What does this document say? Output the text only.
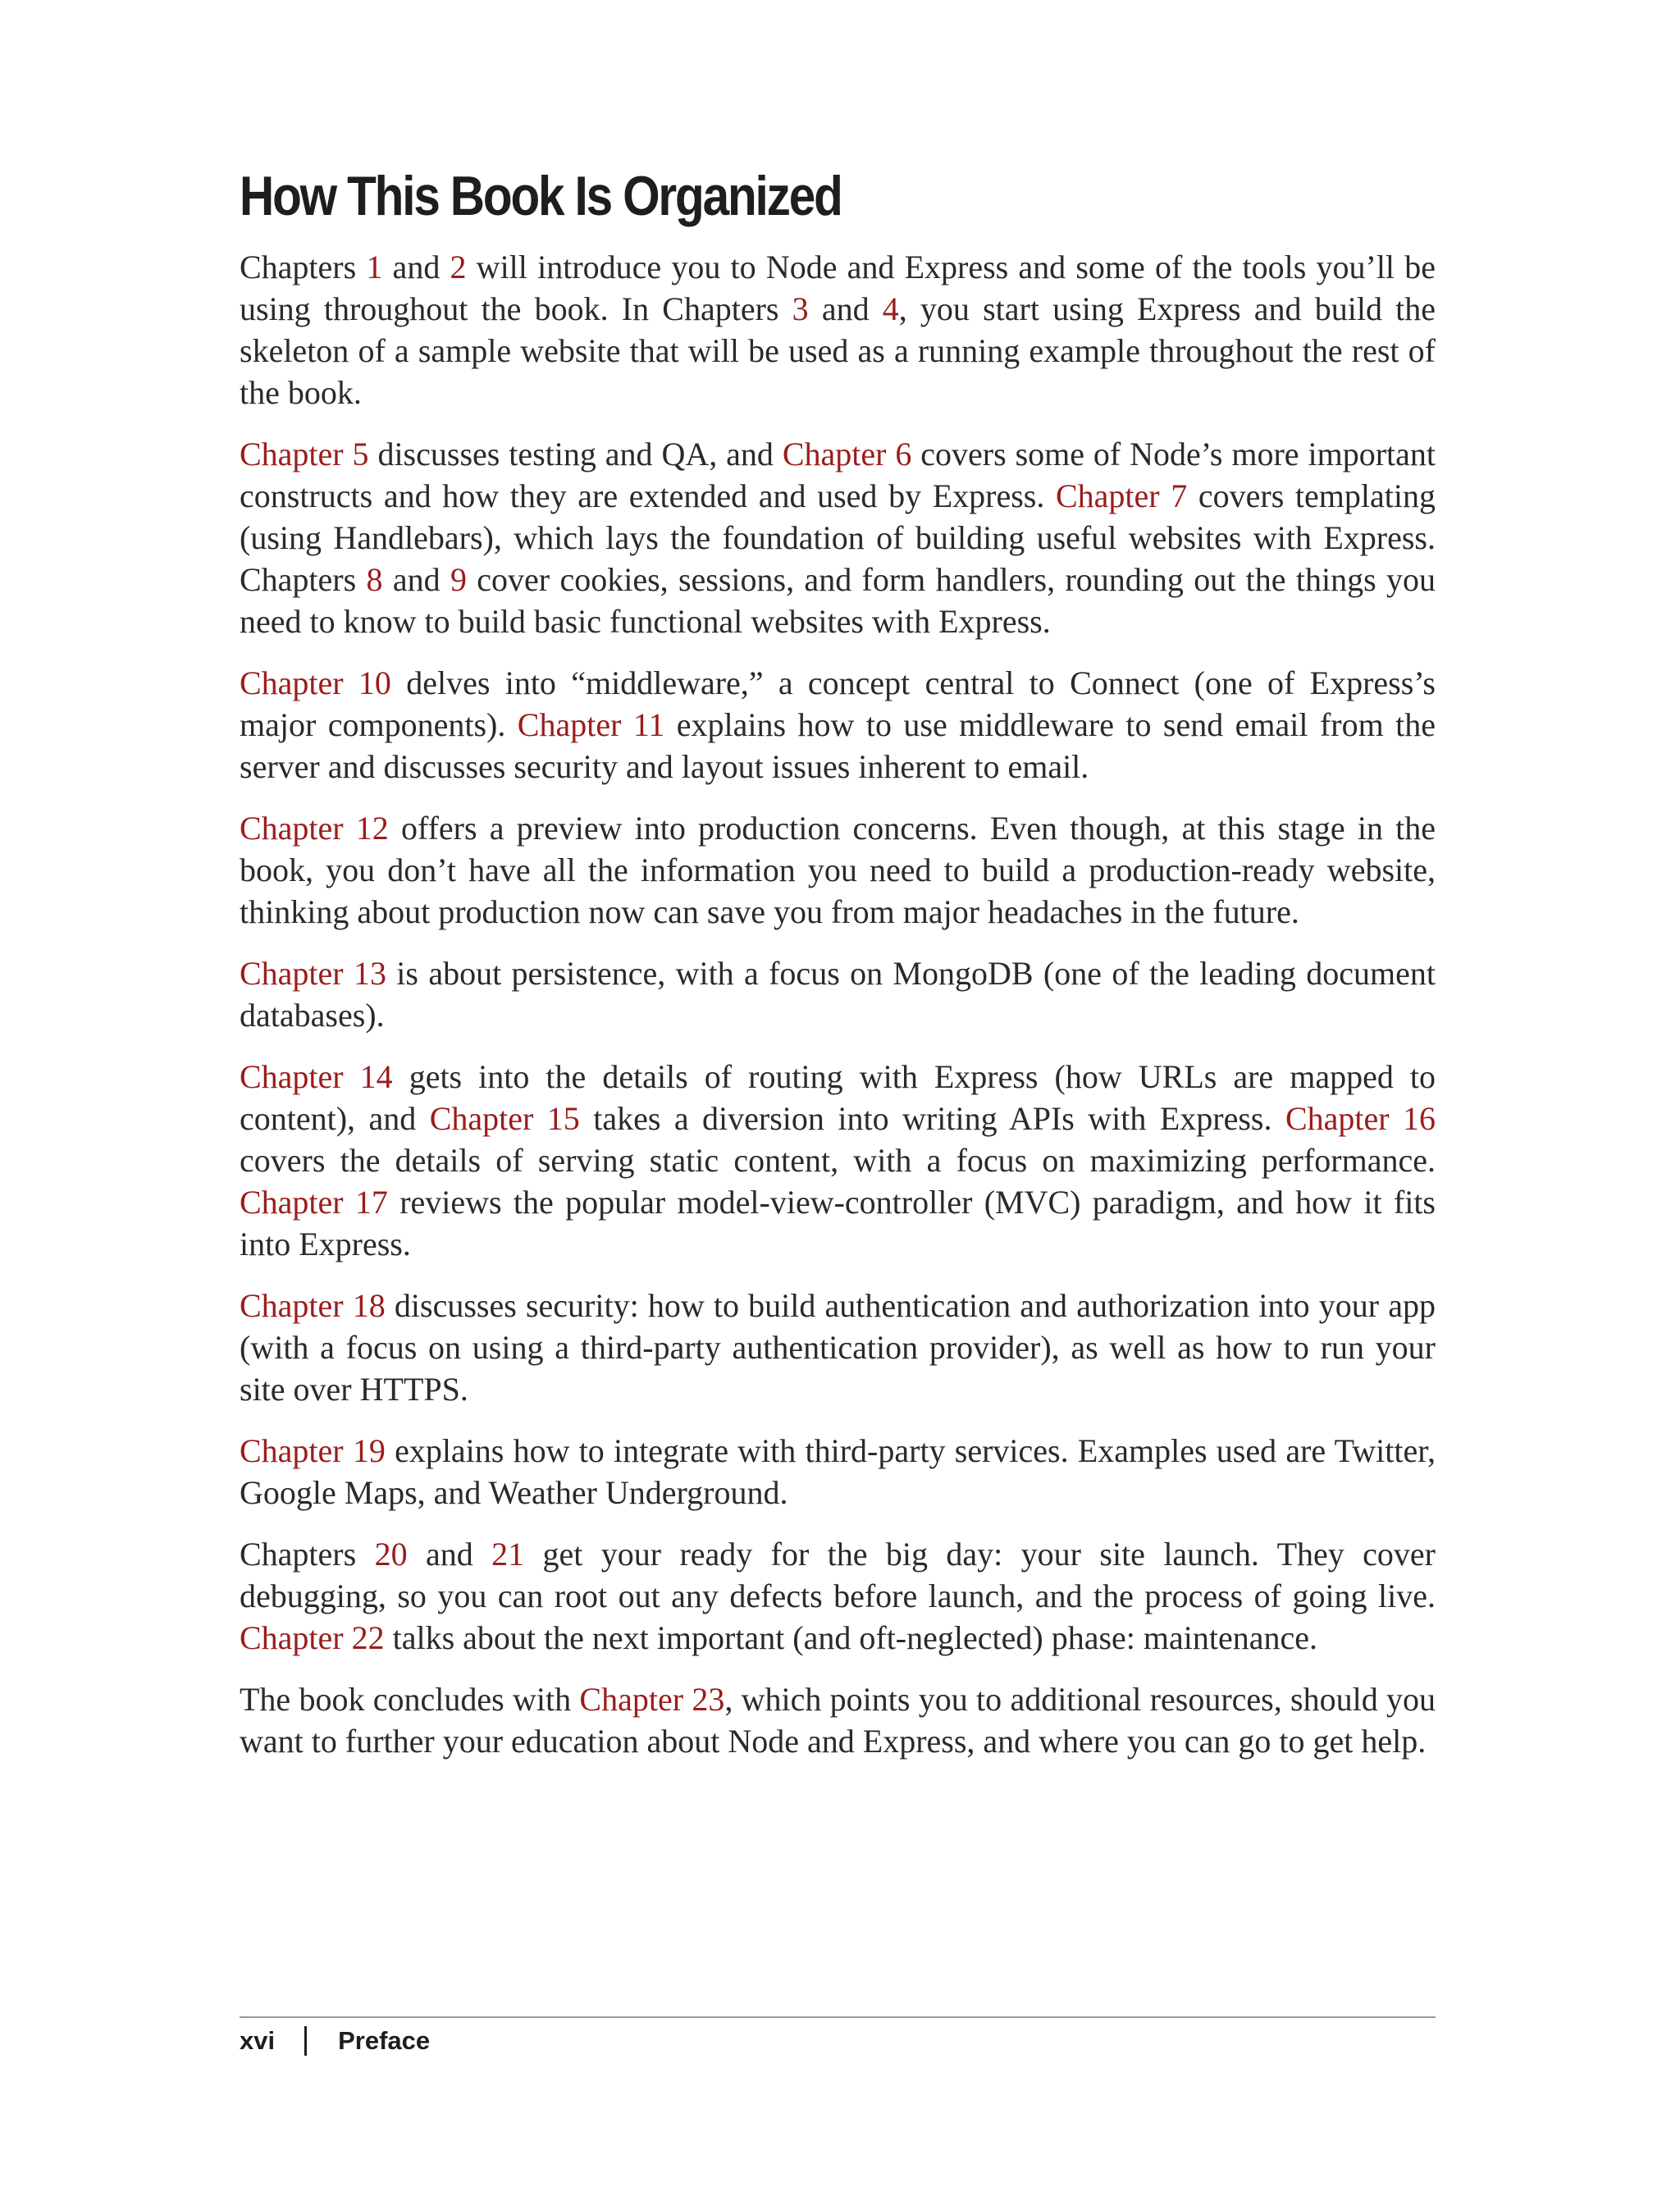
How This Book Is Organized

Chapters 1 and 2 will introduce you to Node and Express and some of the tools you’ll be using throughout the book. In Chapters 3 and 4, you start using Express and build the skeleton of a sample website that will be used as a running example throughout the rest of the book.

Chapter 5 discusses testing and QA, and Chapter 6 covers some of Node’s more important constructs and how they are extended and used by Express. Chapter 7 covers templating (using Handlebars), which lays the foundation of building useful websites with Express. Chapters 8 and 9 cover cookies, sessions, and form handlers, rounding out the things you need to know to build basic functional websites with Express.

Chapter 10 delves into “middleware,” a concept central to Connect (one of Express’s major components). Chapter 11 explains how to use middleware to send email from the server and discusses security and layout issues inherent to email.

Chapter 12 offers a preview into production concerns. Even though, at this stage in the book, you don’t have all the information you need to build a production-ready website, thinking about production now can save you from major headaches in the future.

Chapter 13 is about persistence, with a focus on MongoDB (one of the leading document databases).

Chapter 14 gets into the details of routing with Express (how URLs are mapped to content), and Chapter 15 takes a diversion into writing APIs with Express. Chapter 16 covers the details of serving static content, with a focus on maximizing performance. Chapter 17 reviews the popular model-view-controller (MVC) paradigm, and how it fits into Express.

Chapter 18 discusses security: how to build authentication and authorization into your app (with a focus on using a third-party authentication provider), as well as how to run your site over HTTPS.

Chapter 19 explains how to integrate with third-party services. Examples used are Twitter, Google Maps, and Weather Underground.

Chapters 20 and 21 get your ready for the big day: your site launch. They cover debugging, so you can root out any defects before launch, and the process of going live. Chapter 22 talks about the next important (and oft-neglected) phase: maintenance.

The book concludes with Chapter 23, which points you to additional resources, should you want to further your education about Node and Express, and where you can go to get help.

xvi Preface
